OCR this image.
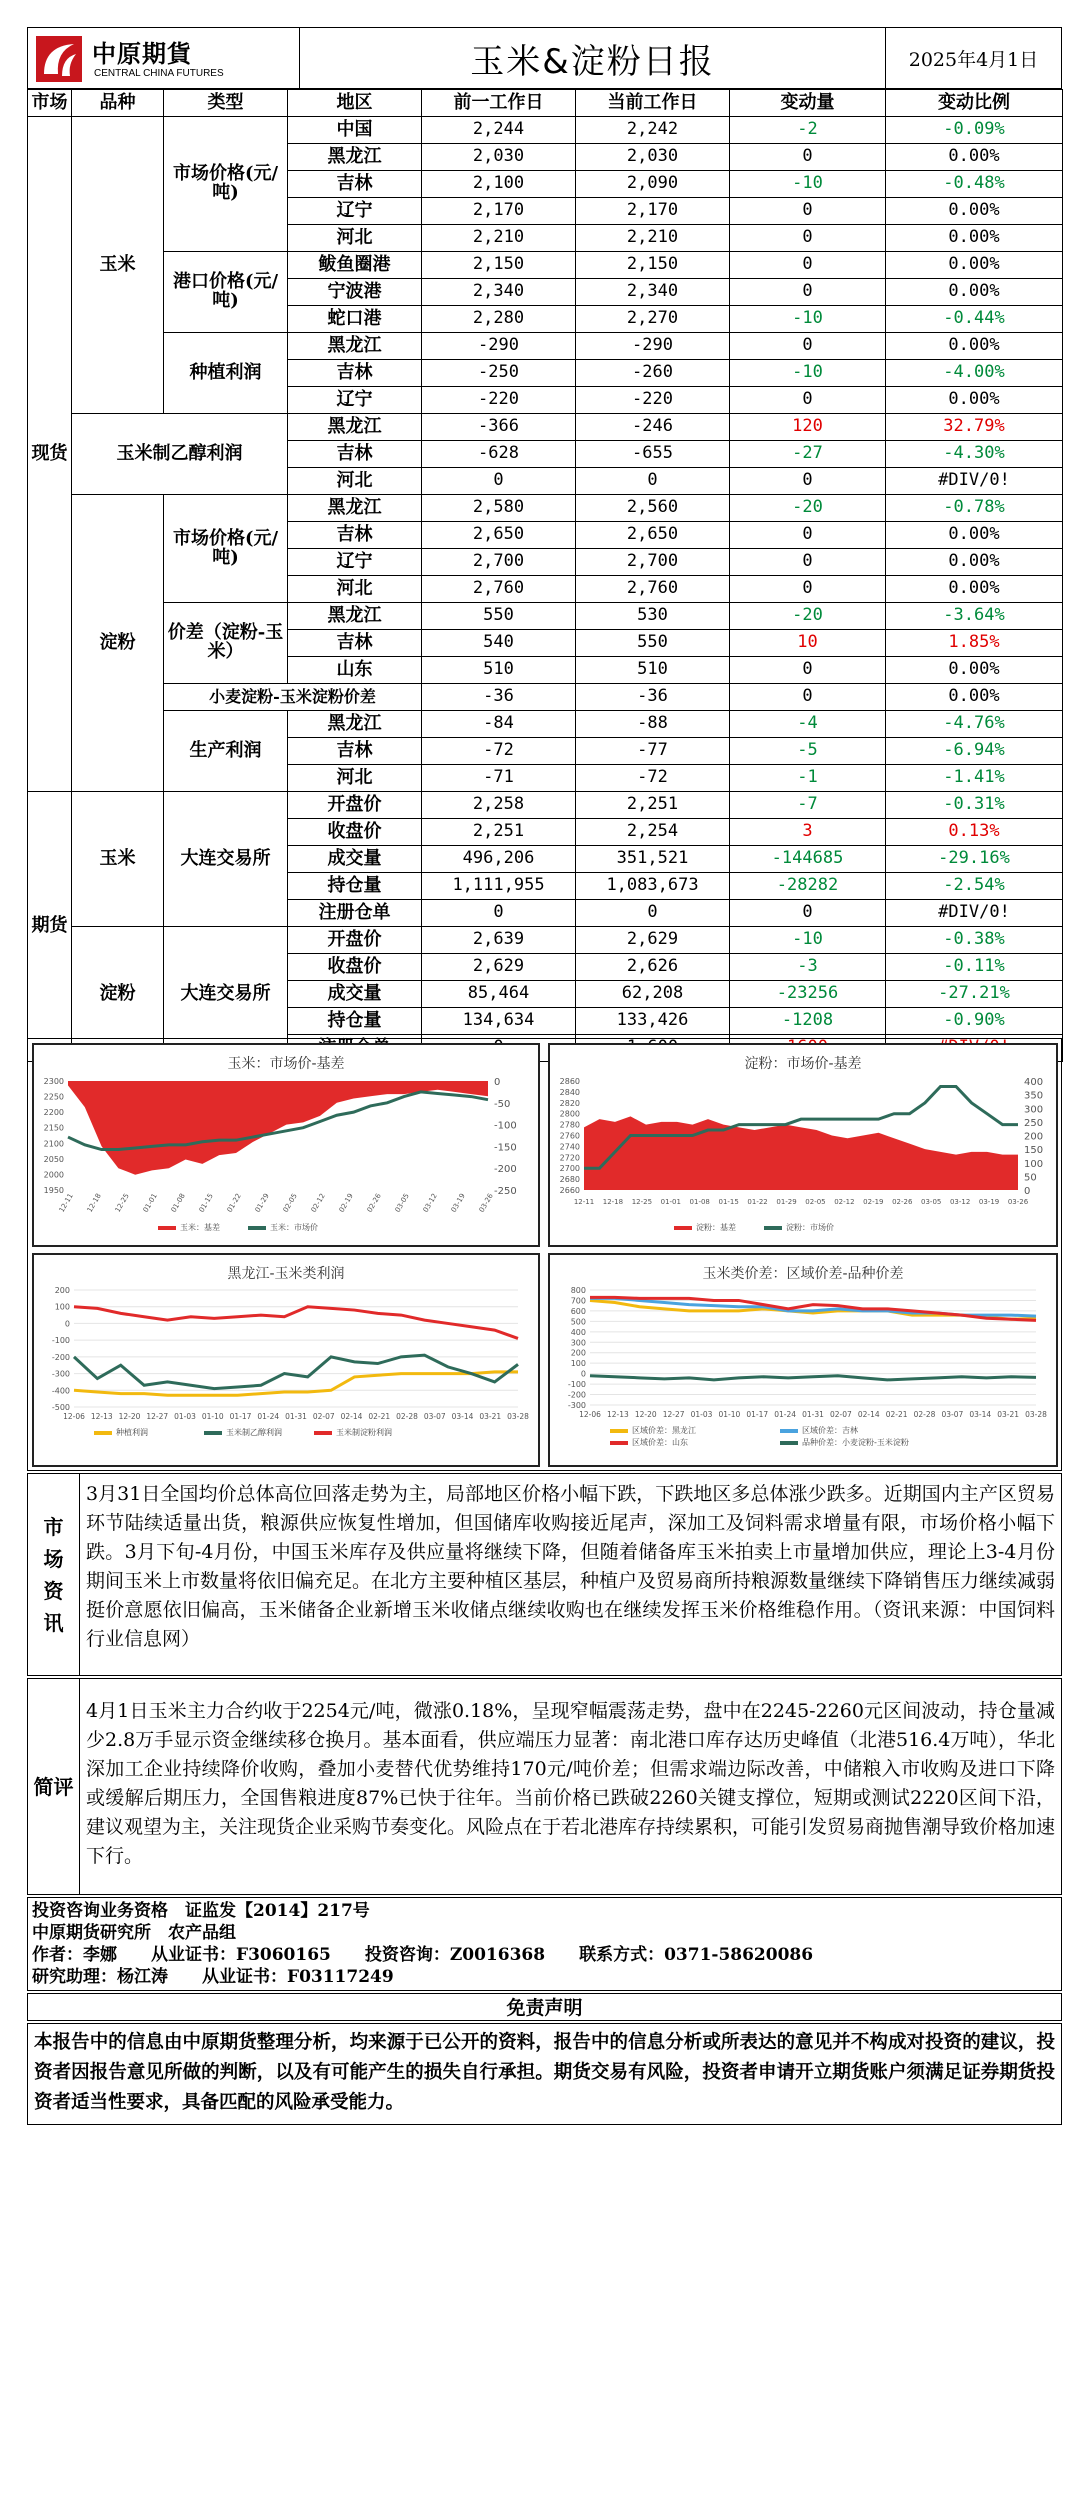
中原期貨
CENTRAL CHINA FUTURES	玉米&淀粉日报	2025年4月1日
市场	品种	类型	地区	前一工作日	当前工作日	变动量	变动比例
现货	玉米	市场价格(元/吨)	中国	2,244	2,242	-2	-0.09%
			黑龙江	2,030	2,030	0	0.00%
			吉林	2,100	2,090	-10	-0.48%
			辽宁	2,170	2,170	0	0.00%
			河北	2,210	2,210	0	0.00%
		港口价格(元/吨)	鲅鱼圈港	2,150	2,150	0	0.00%
			宁波港	2,340	2,340	0	0.00%
			蛇口港	2,280	2,270	-10	-0.44%
		种植利润	黑龙江	-290	-290	0	0.00%
			吉林	-250	-260	-10	-4.00%
			辽宁	-220	-220	0	0.00%
	玉米制乙醇利润		黑龙江	-366	-246	120	32.79%
			吉林	-628	-655	-27	-4.30%
			河北	0	0	0	#DIV/0!
	淀粉	市场价格(元/吨)	黑龙江	2,580	2,560	-20	-0.78%
			吉林	2,650	2,650	0	0.00%
			辽宁	2,700	2,700	0	0.00%
			河北	2,760	2,760	0	0.00%
		价差（淀粉-玉米）	黑龙江	550	530	-20	-3.64%
			吉林	540	550	10	1.85%
			山东	510	510	0	0.00%
		小麦淀粉-玉米淀粉价差		-36	-36	0	0.00%
		生产利润	黑龙江	-84	-88	-4	-4.76%
			吉林	-72	-77	-5	-6.94%
			河北	-71	-72	-1	-1.41%
期货	玉米	大连交易所	开盘价	2,258	2,251	-7	-0.31%
			收盘价	2,251	2,254	3	0.13%
			成交量	496,206	351,521	-144685	-29.16%
			持仓量	1,111,955	1,083,673	-28282	-2.54%
			注册仓单	0	0	0	#DIV/0!
	淀粉	大连交易所	开盘价	2,639	2,629	-10	-0.38%
			收盘价	2,629	2,626	-3	-0.11%
			成交量	85,464	62,208	-23256	-27.21%
			持仓量	134,634	133,426	-1208	-0.90%

玉米：市场价-基差
2300
2250
2200
2150
2100
2050
2000
1950
0
-50
-100
-150
-200
-250
12-11 12-18 12-25 01-01 01-08 01-15 01-22 01-29 02-05 02-12 02-19 02-26 03-05 03-12 03-19 03-26
玉米：基差	玉米：市场价
淀粉：市场价-基差
2860
2840
2820
2800
2780
2760
2740
2720
2700
2680
2660
400
350
300
250
200
150
100
50
0
12-11 12-18 12-25 01-01 01-08 01-15 01-22 01-29 02-05 02-12 02-19 02-26 03-05 03-12 03-19 03-26
淀粉：基差	淀粉：市场价
黑龙江-玉米类利润
200
100
0
-100
-200
-300
-400
-500
12-06 12-13 12-20 12-27 01-03 01-10 01-17 01-24 01-31 02-07 02-14 02-21 02-28 03-07 03-14 03-21 03-28
种植利润	玉米制乙醇利润	玉米制淀粉利润
玉米类价差：区域价差-品种价差
800
700
600
500
400
300
200
100
0
-100
-200
-300
12-06 12-13 12-20 12-27 01-03 01-10 01-17 01-24 01-31 02-07 02-14 02-21 02-28 03-07 03-14 03-21 03-28
区域价差：黑龙江	区域价差：吉林
区域价差：山东	品种价差：小麦淀粉-玉米淀粉
市场资讯
3月31日全国均价总体高位回落走势为主，局部地区价格小幅下跌，下跌地区多总体涨少跌多。近期国内主产区贸易环节陆续适量出货，粮源供应恢复性增加，但国储库收购接近尾声，深加工及饲料需求增量有限，市场价格小幅下跌。3月下旬-4月份，中国玉米库存及供应量将继续下降，但随着储备库玉米拍卖上市量增加供应，理论上3-4月份期间玉米上市数量将依旧偏充足。在北方主要种植区基层，种植户及贸易商所持粮源数量继续下降销售压力继续减弱挺价意愿依旧偏高，玉米储备企业新增玉米收储点继续收购也在继续发挥玉米价格维稳作用。（资讯来源：中国饲料行业信息网）
简评
4月1日玉米主力合约收于2254元/吨，微涨0.18%，呈现窄幅震荡走势，盘中在2245-2260元区间波动，持仓量减少2.8万手显示资金继续移仓换月。基本面看，供应端压力显著：南北港口库存达历史峰值（北港516.4万吨），华北深加工企业持续降价收购，叠加小麦替代优势维持170元/吨价差；但需求端边际改善，中储粮入市收购及进口下降或缓解后期压力，全国售粮进度87%已快于往年。当前价格已跌破2260关键支撑位，短期或测试2220区间下沿，建议观望为主，关注现货企业采购节奏变化。风险点在于若北港库存持续累积，可能引发贸易商抛售潮导致价格加速下行。
投资咨询业务资格　证监发【2014】217号
中原期货研究所　农产品组
作者：李娜　　从业证书：F3060165　　投资咨询：Z0016368　　联系方式：0371-58620086
研究助理：杨江涛　　从业证书：F03117249
免责声明
本报告中的信息由中原期货整理分析，均来源于已公开的资料，报告中的信息分析或所表达的意见并不构成对投资的建议，投资者因报告意见所做的判断，以及有可能产生的损失自行承担。期货交易有风险，投资者申请开立期货账户须满足证券期货投资者适当性要求，具备匹配的风险承受能力。
